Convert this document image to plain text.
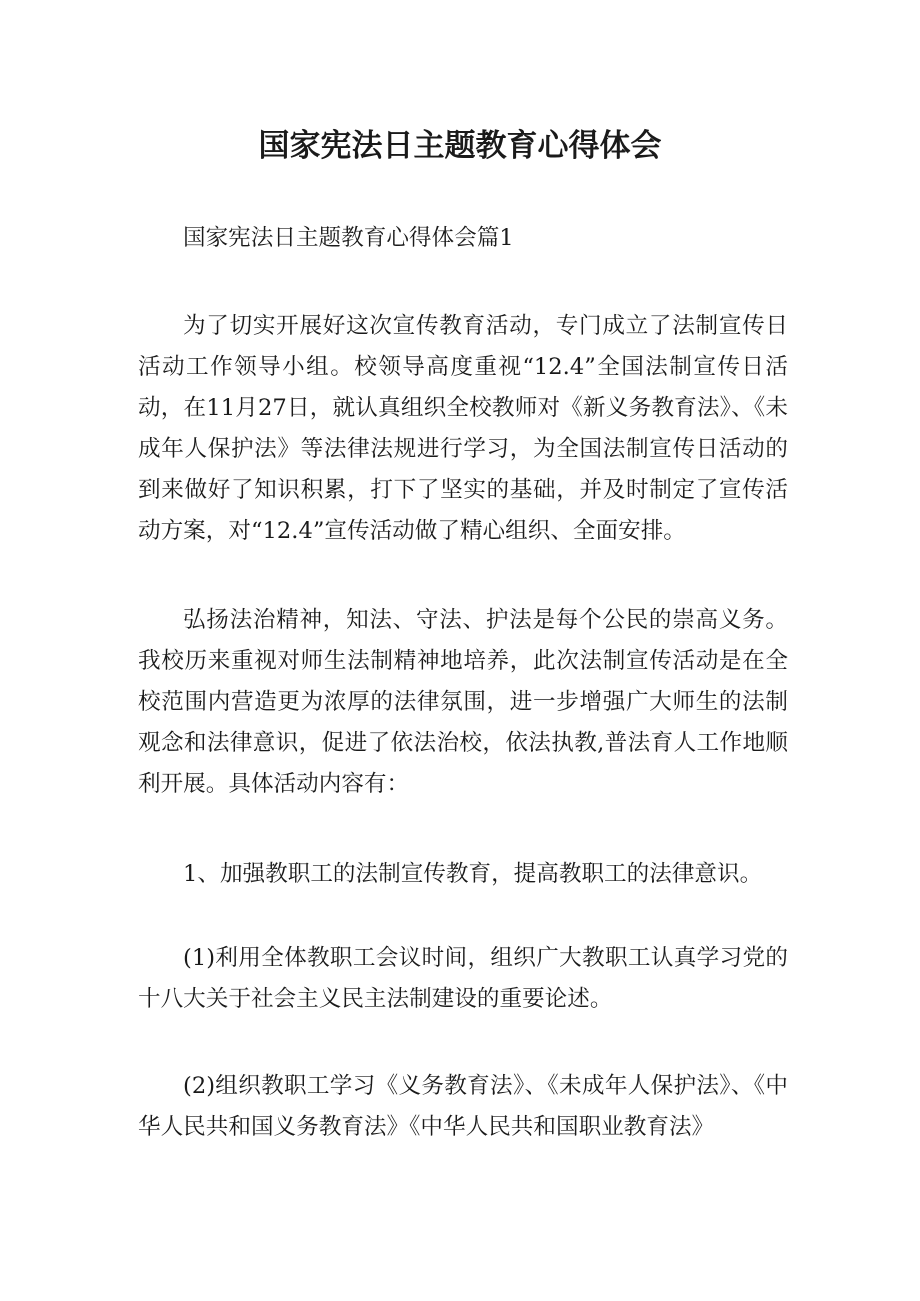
国家宪法日主题教育心得体会

国家宪法日主题教育心得体会篇1

为了切实开展好这次宣传教育活动，专门成立了法制宣传日活动工作领导小组。校领导高度重视“12.4”全国法制宣传日活动，在11月27日，就认真组织全校教师对《新义务教育法》、《未成年人保护法》等法律法规进行学习，为全国法制宣传日活动的到来做好了知识积累，打下了坚实的基础，并及时制定了宣传活动方案，对“12.4”宣传活动做了精心组织、全面安排。

弘扬法治精神，知法、守法、护法是每个公民的崇高义务。我校历来重视对师生法制精神地培养，此次法制宣传活动是在全校范围内营造更为浓厚的法律氛围，进一步增强广大师生的法制观念和法律意识，促进了依法治校，依法执教,普法育人工作地顺利开展。具体活动内容有：

1、加强教职工的法制宣传教育，提高教职工的法律意识。

(1)利用全体教职工会议时间，组织广大教职工认真学习党的十八大关于社会主义民主法制建设的重要论述。

(2)组织教职工学习《义务教育法》、《未成年人保护法》、《中华人民共和国义务教育法》《中华人民共和国职业教育法》
